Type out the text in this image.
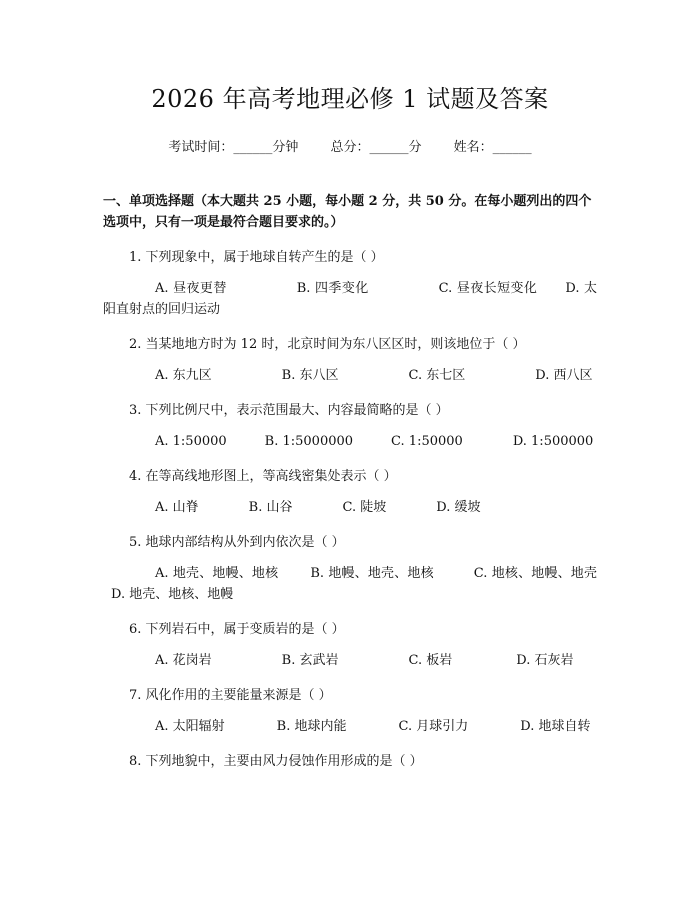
2026 年高考地理必修 1 试题及答案
考试时间：______分钟 总分：______分 姓名：______
一、单项选择题（本大题共 25 小题，每小题 2 分，共 50 分。在每小题列出的四个选项中，只有一项是最符合题目要求的。）
1. 下列现象中，属于地球自转产生的是（ ）
A. 昼夜更替	B. 四季变化	C. 昼夜长短变化 D. 太阳直射点的回归运动
2. 当某地地方时为 12 时，北京时间为东八区区时，则该地位于（ ）
A. 东九区	B. 东八区	C. 东七区	D. 西八区
3. 下列比例尺中，表示范围最大、内容最简略的是（ ）
A. 1:50000	B. 1:5000000	C. 1:50000	D. 1:500000
4. 在等高线地形图上，等高线密集处表示（ ）
A. 山脊	B. 山谷	C. 陡坡	D. 缓坡
5. 地球内部结构从外到内依次是（ ）
A. 地壳、地幔、地核 B. 地幔、地壳、地核	C. 地核、地幔、地壳D. 地壳、地核、地幔
6. 下列岩石中，属于变质岩的是（ ）
A. 花岗岩	B. 玄武岩	C. 板岩	D. 石灰岩
7. 风化作用的主要能量来源是（ ）
A. 太阳辐射	B. 地球内能	C. 月球引力	D. 地球自转
8. 下列地貌中，主要由风力侵蚀作用形成的是（ ）
